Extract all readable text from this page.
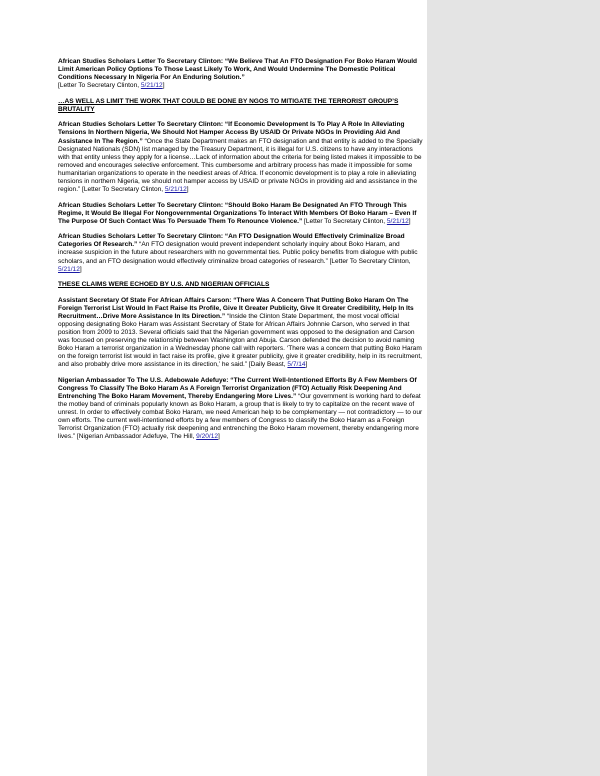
African Studies Scholars Letter To Secretary Clinton: “We Believe That An FTO Designation For Boko Haram Would Limit American Policy Options To Those Least Likely To Work, And Would Undermine The Domestic Political Conditions Necessary In Nigeria For An Enduring Solution.”
[Letter To Secretary Clinton, 5/21/12]

…AS WELL AS LIMIT THE WORK THAT COULD BE DONE BY NGOS TO MITIGATE THE TERRORIST GROUP’S BRUTALITY

African Studies Scholars Letter To Secretary Clinton: “If Economic Development Is To Play A Role In Alleviating Tensions In Northern Nigeria, We Should Not Hamper Access By USAID Or Private NGOs In Providing Aid And Assistance In The Region.” “Once the State Department makes an FTO designation and that entity is added to the Specially Designated Nationals (SDN) list managed by the Treasury Department, it is illegal for U.S. citizens to have any interactions with that entity unless they apply for a license…Lack of information about the criteria for being listed makes it impossible to be removed and encourages selective enforcement. This cumbersome and arbitrary process has made it impossible for some humanitarian organizations to operate in the neediest areas of Africa. If economic development is to play a role in alleviating tensions in northern Nigeria, we should not hamper access by USAID or private NGOs in providing aid and assistance in the region.” [Letter To Secretary Clinton, 5/21/12]

African Studies Scholars Letter To Secretary Clinton: “Should Boko Haram Be Designated An FTO Through This Regime, It Would Be Illegal For Nongovernmental Organizations To Interact With Members Of Boko Haram – Even If The Purpose Of Such Contact Was To Persuade Them To Renounce Violence.” [Letter To Secretary Clinton, 5/21/12]

African Studies Scholars Letter To Secretary Clinton: “An FTO Designation Would Effectively Criminalize Broad Categories Of Research.” “An FTO designation would prevent independent scholarly inquiry about Boko Haram, and increase suspicion in the future about researchers with no governmental ties. Public policy benefits from dialogue with public scholars, and an FTO designation would effectively criminalize broad categories of research.” [Letter To Secretary Clinton, 5/21/12]

THESE CLAIMS WERE ECHOED BY U.S. AND NIGERIAN OFFICIALS

Assistant Secretary Of State For African Affairs Carson: “There Was A Concern That Putting Boko Haram On The Foreign Terrorist List Would In Fact Raise Its Profile, Give It Greater Publicity, Give It Greater Credibility, Help In Its Recruitment…Drive More Assistance In Its Direction.” “Inside the Clinton State Department, the most vocal official opposing designating Boko Haram was Assistant Secretary of State for African Affairs Johnnie Carson, who served in that position from 2009 to 2013. Several officials said that the Nigerian government was opposed to the designation and Carson was focused on preserving the relationship between Washington and Abuja. Carson defended the decision to avoid naming Boko Haram a terrorist organization in a Wednesday phone call with reporters. ‘There was a concern that putting Boko Haram on the foreign terrorist list would in fact raise its profile, give it greater publicity, give it greater credibility, help in its recruitment, and also probably drive more assistance in its direction,’ he said.” [Daily Beast, 5/7/14]

Nigerian Ambassador To The U.S. Adebowale Adefuye: “The Current Well-Intentioned Efforts By A Few Members Of Congress To Classify The Boko Haram As A Foreign Terrorist Organization (FTO) Actually Risk Deepening And Entrenching The Boko Haram Movement, Thereby Endangering More Lives.” “Our government is working hard to defeat the motley band of criminals popularly known as Boko Haram, a group that is likely to try to capitalize on the recent wave of unrest. In order to effectively combat Boko Haram, we need American help to be complementary — not contradictory — to our own efforts. The current well-intentioned efforts by a few members of Congress to classify the Boko Haram as a Foreign Terrorist Organization (FTO) actually risk deepening and entrenching the Boko Haram movement, thereby endangering more lives.” [Nigerian Ambassador Adefuye, The Hill, 9/20/12]
